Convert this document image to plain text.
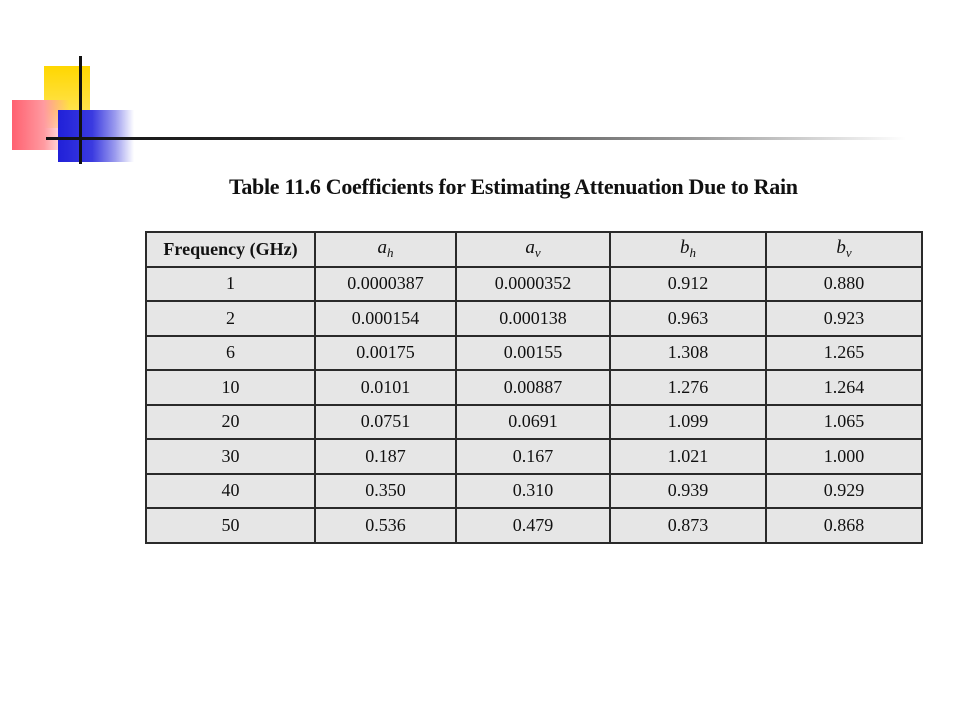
Table 11.6 Coefficients for Estimating Attenuation Due to Rain
Frequency (GHz)	$a_h$	$a_v$	$b_h$	$b_v$
1	0.0000387	0.0000352	0.912	0.880
2	0.000154	0.000138	0.963	0.923
6	0.00175	0.00155	1.308	1.265
10	0.0101	0.00887	1.276	1.264
20	0.0751	0.0691	1.099	1.065
30	0.187	0.167	1.021	1.000
40	0.350	0.310	0.939	0.929
50	0.536	0.479	0.873	0.868
